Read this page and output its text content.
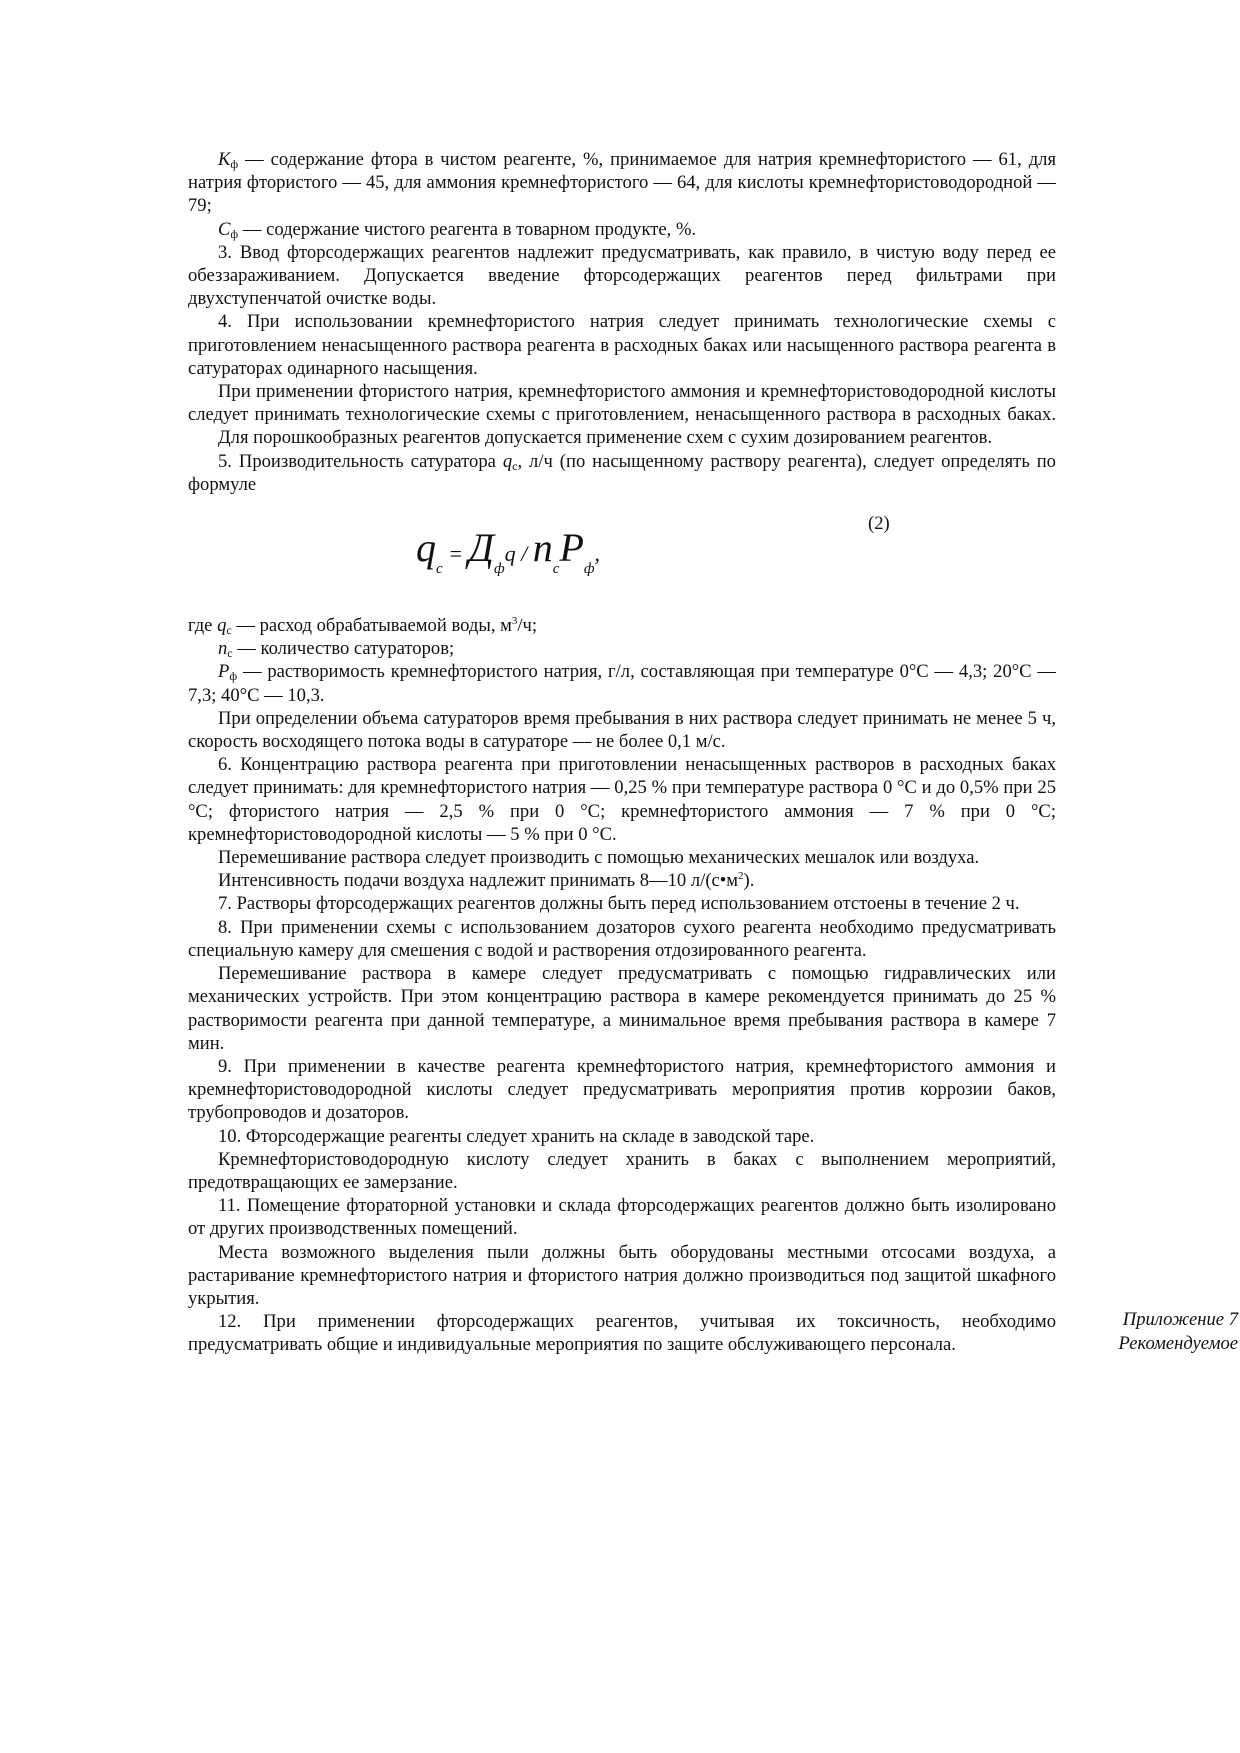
$К_ф$ — содержание фтора в чистом реагенте, %, принимаемое для натрия кремнефтористого — 61, для натрия фтористого — 45, для аммония кремнефтористого — 64, для кислоты кремнефтористоводородной — 79;

$С_ф$ — содержание чистого реагента в товарном продукте, %.

3. Ввод фторсодержащих реагентов надлежит предусматривать, как правило, в чистую воду перед ее обеззараживанием. Допускается введение фторсодержащих реагентов перед фильтрами при двухступенчатой очистке воды.

4. При использовании кремнефтористого натрия следует принимать технологические схемы с приготовлением ненасыщенного раствора реагента в расходных баках или насыщенного раствора реагента в сатураторах одинарного насыщения.

При применении фтористого натрия, кремнефтористого аммония и кремнефтористоводородной кислоты следует принимать технологические схемы с приготовлением, ненасыщенного раствора в расходных баках.

Для порошкообразных реагентов допускается применение схем с сухим дозированием реагентов.

5. Производительность сатуратора $q_с$, л/ч (по насыщенному раствору реагента), следует определять по формуле

(2)
$q_c = Д_фq / n_cP_ф$,

где $q_с$ — расход обрабатываемой воды, $м^3/ч$;

$n_с$ — количество сатураторов;

$Р_ф$ — растворимость кремнефтористого натрия, г/л, составляющая при температуре 0°С — 4,3; 20°С — 7,3; 40°С — 10,3.

При определении объема сатураторов время пребывания в них раствора следует принимать не менее 5 ч, скорость восходящего потока воды в сатураторе — не более 0,1 м/с.

6. Концентрацию раствора реагента при приготовлении ненасыщенных растворов в расходных баках следует принимать: для кремнефтористого натрия — 0,25 % при температуре раствора 0 °С и до 0,5% при 25 °С; фтористого натрия — 2,5 % при 0 °С; кремнефтористого аммония — 7 % при 0 °С; кремнефтористоводородной кислоты — 5 % при 0 °С.

Перемешивание раствора следует производить с помощью механических мешалок или воздуха.

Интенсивность подачи воздуха надлежит принимать 8—10 $л/(с•м^2)$.

7. Растворы фторсодержащих реагентов должны быть перед использованием отстоены в течение 2 ч.

8. При применении схемы с использованием дозаторов сухого реагента необходимо предусматривать специальную камеру для смешения с водой и растворения отдозированного реагента.

Перемешивание раствора в камере следует предусматривать с помощью гидравлических или механических устройств. При этом концентрацию раствора в камере рекомендуется принимать до 25 % растворимости реагента при данной температуре, а минимальное время пребывания раствора в камере 7 мин.

9. При применении в качестве реагента кремнефтористого натрия, кремнефтористого аммония и кремнефтористоводородной кислоты следует предусматривать мероприятия против коррозии баков, трубопроводов и дозаторов.

10. Фторсодержащие реагенты следует хранить на складе в заводской таре.

Кремнефтористоводородную кислоту следует хранить в баках с выполнением мероприятий, предотвращающих ее замерзание.

11. Помещение фтораторной установки и склада фторсодержащих реагентов должно быть изолировано от других производственных помещений.

Места возможного выделения пыли должны быть оборудованы местными отсосами воздуха, а растаривание кремнефтористого натрия и фтористого натрия должно производиться под защитой шкафного укрытия.

12. При применении фторсодержащих реагентов, учитывая их токсичность, необходимо предусматривать общие и индивидуальные мероприятия по защите обслуживающего персонала.

Приложение 7
Рекомендуемое
